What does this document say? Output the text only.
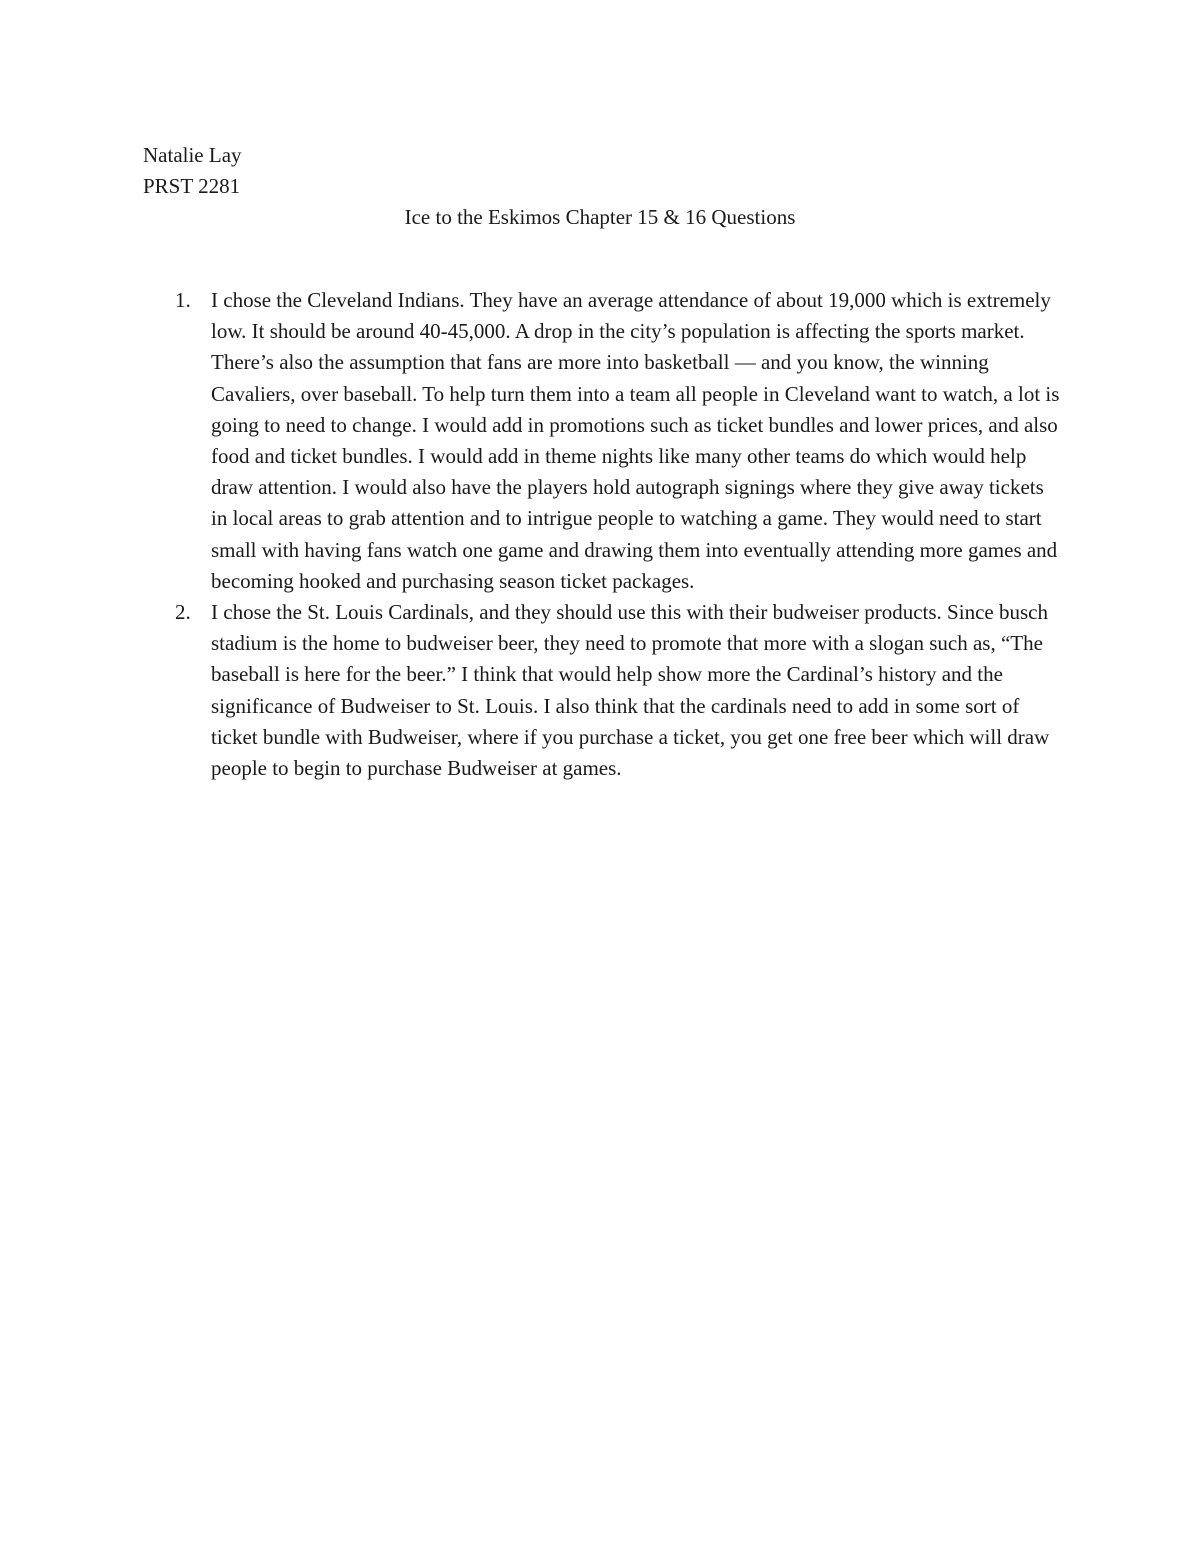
Natalie Lay
PRST 2281
Ice to the Eskimos Chapter 15 & 16 Questions
1. I chose the Cleveland Indians. They have an average attendance of about 19,000 which is extremely low. It should be around 40-45,000. A drop in the city’s population is affecting the sports market. There’s also the assumption that fans are more into basketball — and you know, the winning Cavaliers, over baseball. To help turn them into a team all people in Cleveland want to watch, a lot is going to need to change. I would add in promotions such as ticket bundles and lower prices, and also food and ticket bundles. I would add in theme nights like many other teams do which would help draw attention. I would also have the players hold autograph signings where they give away tickets in local areas to grab attention and to intrigue people to watching a game. They would need to start small with having fans watch one game and drawing them into eventually attending more games and becoming hooked and purchasing season ticket packages.
2. I chose the St. Louis Cardinals, and they should use this with their budweiser products. Since busch stadium is the home to budweiser beer, they need to promote that more with a slogan such as, “The baseball is here for the beer.” I think that would help show more the Cardinal’s history and the significance of Budweiser to St. Louis. I also think that the cardinals need to add in some sort of ticket bundle with Budweiser, where if you purchase a ticket, you get one free beer which will draw people to begin to purchase Budweiser at games.
